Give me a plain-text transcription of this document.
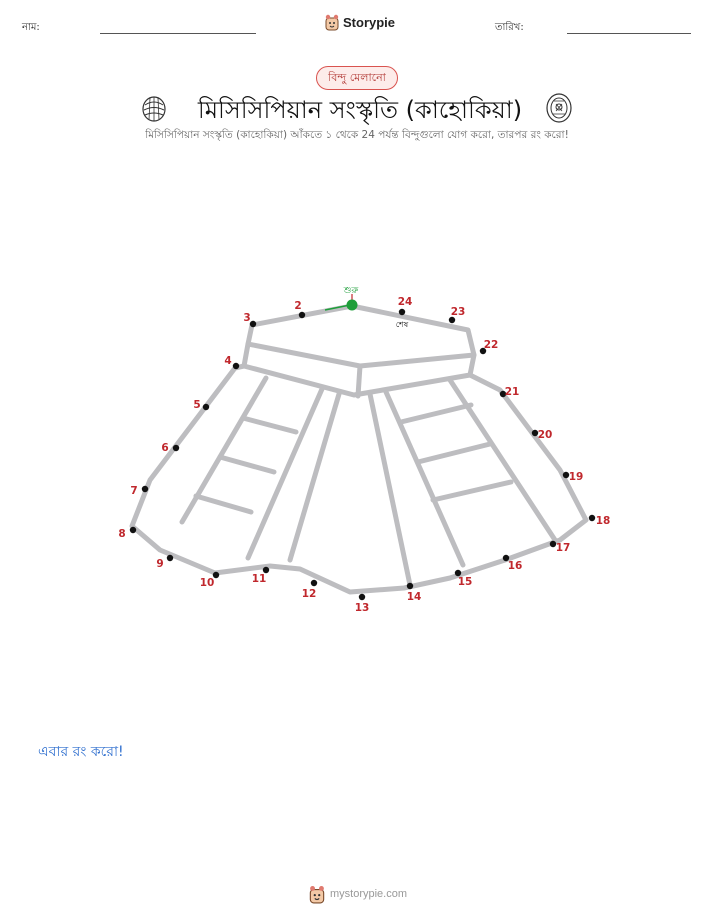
নাম:	Storypie	তারিখ:
বিন্দু মেলানো
মিসিসিপিয়ান সংস্কৃতি (কাহোকিয়া)
মিসিসিপিয়ান সংস্কৃতি (কাহোকিয়া) আঁকতে ১ থেকে 24 পর্যন্ত বিন্দুগুলো যোগ করো, তারপর রং করো!
শুরু
শেষ
2
3
4
5
6
7
8
9
10	11
12
13
14
15
16
17
18
19
20
21
22
23
24
এবার রং করো!
mystorypie.com
